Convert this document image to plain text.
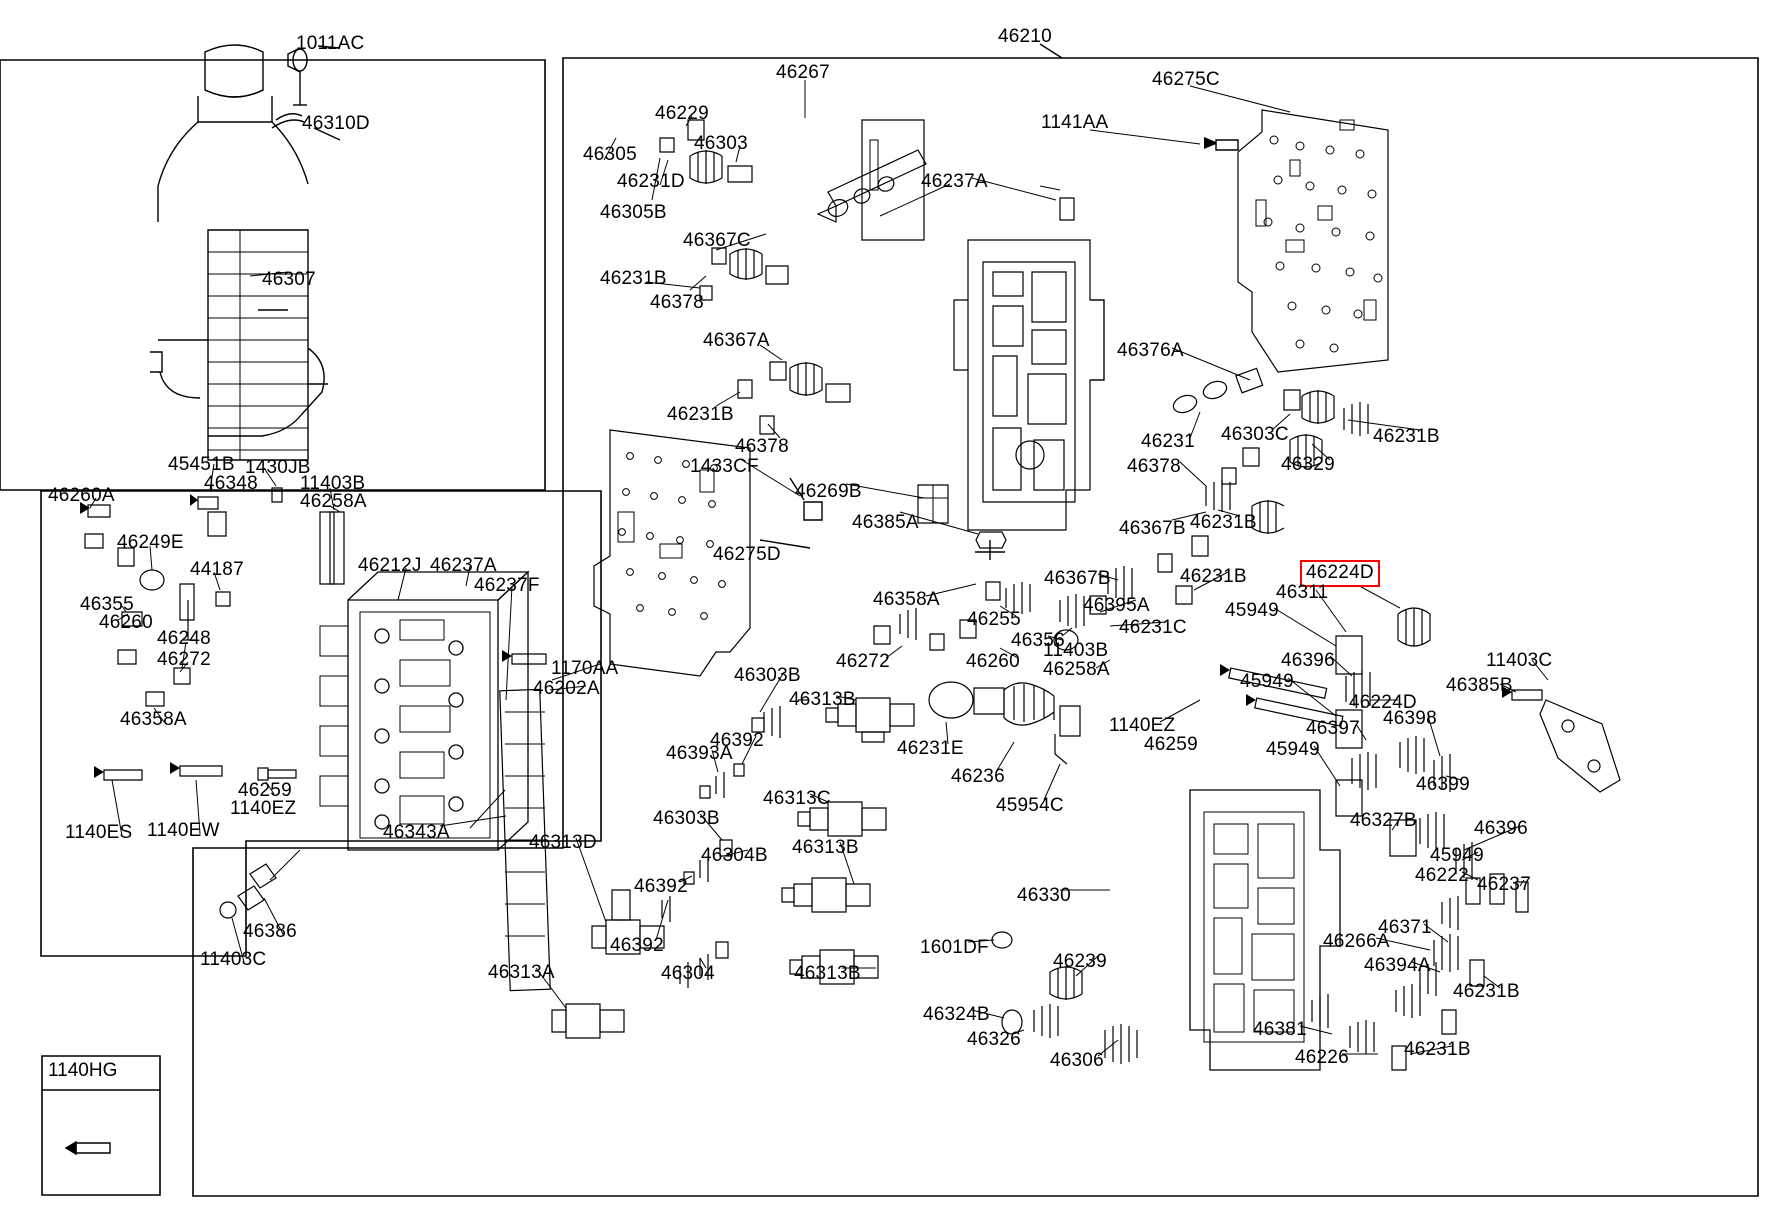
1011AC
46310D
46307
46210
46267
46229
46305
46303
46231D
46305B
46237A
46275C
1141AA
46367C
46231B
46378
46367A
46231B
46378
1433CF
46269B
46385A
46275D
46376A
46303C
46231	46231B
46329
46378
46367B 46231B
46367B	46231B	46224D
46311
45949
46396
45949
46224D
46397 46398
45949
46399
11403C
46385B
46327B	46396
45949
46222 46237
46371
46266A
46394A
46231B
46231B
46381
46226
46358A
46255
46356
46395A
46231C
46272	46260
11403B
46258A
1140EZ
46259
46231E
46236
45954C
46330
1601DF
46239
46324B
46326
46306
46260A
45451B 1430JB
46348 11403B
46258A
46249E
44187	46212J 46237A
46237F
46355
46260
46248
46272
46358A
1170AA
46202A
46303B
46313B
46392
46393A
46313C
46303B
46304B 46313B
46392
46392
46304	46313B
46313D
46313A
46343A
46259
1140EZ
1140ES 1140EW
46386
11403C
1140HG
